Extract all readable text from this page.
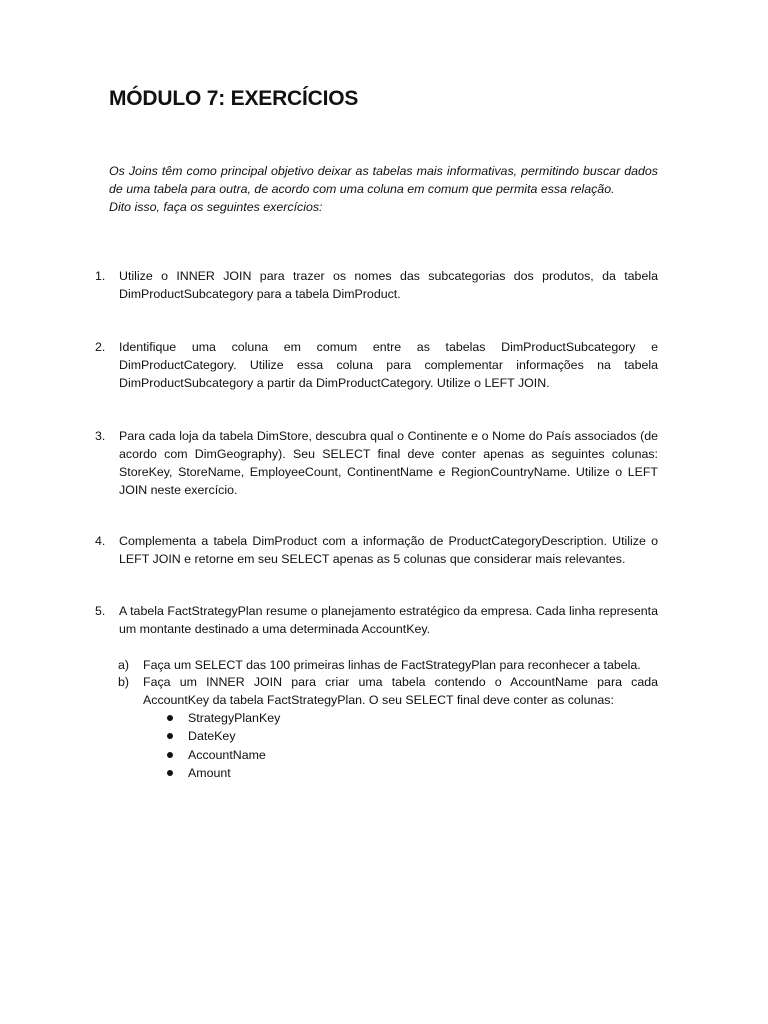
MÓDULO 7: EXERCÍCIOS

Os Joins têm como principal objetivo deixar as tabelas mais informativas, permitindo buscar dados de uma tabela para outra, de acordo com uma coluna em comum que permita essa relação.

Dito isso, faça os seguintes exercícios:

1.	Utilize o INNER JOIN para trazer os nomes das subcategorias dos produtos, da tabela DimProductSubcategory para a tabela DimProduct.
2.	Identifique uma coluna em comum entre as tabelas DimProductSubcategory e DimProductCategory. Utilize essa coluna para complementar informações na tabela DimProductSubcategory a partir da DimProductCategory. Utilize o LEFT JOIN.
3.	Para cada loja da tabela DimStore, descubra qual o Continente e o Nome do País associados (de acordo com DimGeography). Seu SELECT final deve conter apenas as seguintes colunas: StoreKey, StoreName, EmployeeCount, ContinentName e RegionCountryName. Utilize o LEFT JOIN neste exercício.
4.	Complementa a tabela DimProduct com a informação de ProductCategoryDescription. Utilize o LEFT JOIN e retorne em seu SELECT apenas as 5 colunas que considerar mais relevantes.
5.	A tabela FactStrategyPlan resume o planejamento estratégico da empresa. Cada linha representa um montante destinado a uma determinada AccountKey.
a)	Faça um SELECT das 100 primeiras linhas de FactStrategyPlan para reconhecer a tabela.
b)	Faça um INNER JOIN para criar uma tabela contendo o AccountName para cada AccountKey da tabela FactStrategyPlan. O seu SELECT final deve conter as colunas:
StrategyPlanKey
DateKey
AccountName
Amount
